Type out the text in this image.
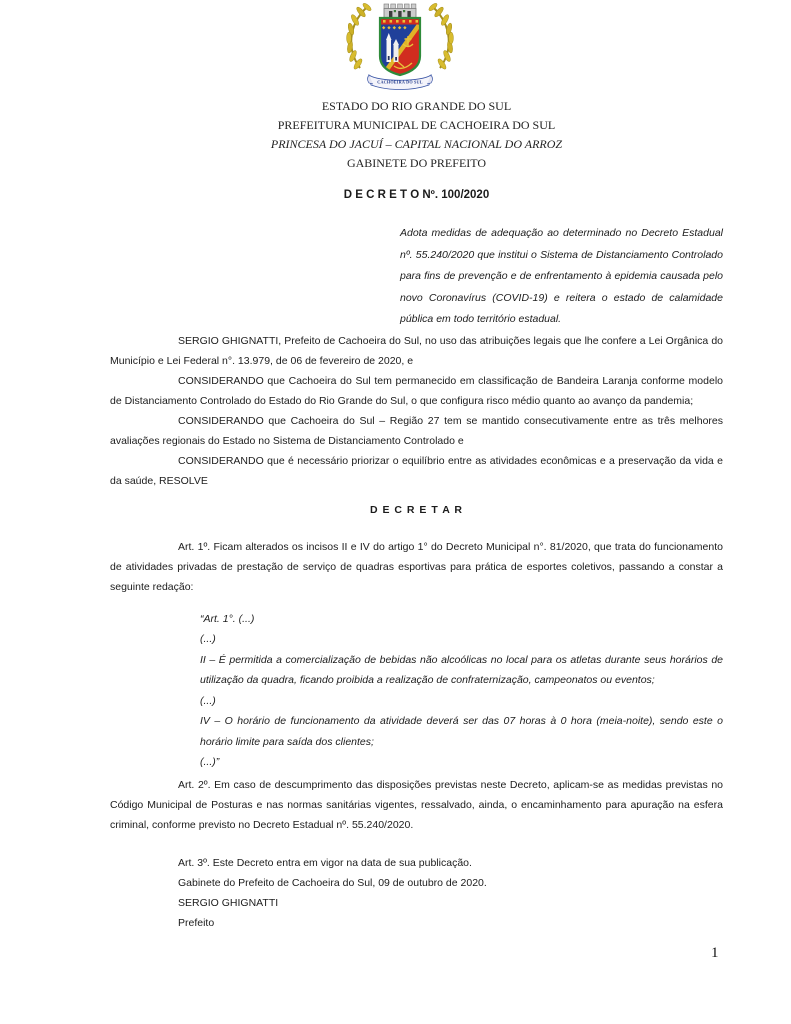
CACHOEIRA DO SUL
ESTADO DO RIO GRANDE DO SUL
PREFEITURA MUNICIPAL DE CACHOEIRA DO SUL
PRINCESA DO JACUÍ – CAPITAL NACIONAL DO ARROZ
GABINETE DO PREFEITO
D E C R E T O Nº. 100/2020
Adota medidas de adequação ao determinado no Decreto Estadual nº. 55.240/2020 que institui o Sistema de Distanciamento Controlado para fins de prevenção e de enfrentamento à epidemia causada pelo novo Coronavírus (COVID-19) e reitera o estado de calamidade pública em todo território estadual.

SERGIO GHIGNATTI, Prefeito de Cachoeira do Sul, no uso das atribuições legais que lhe confere a Lei Orgânica do Município e Lei Federal n°. 13.979, de 06 de fevereiro de 2020, e

CONSIDERANDO que Cachoeira do Sul tem permanecido em classificação de Bandeira Laranja conforme modelo de Distanciamento Controlado do Estado do Rio Grande do Sul, o que configura risco médio quanto ao avanço da pandemia;

CONSIDERANDO que Cachoeira do Sul – Região 27 tem se mantido consecutivamente entre as três melhores avaliações regionais do Estado no Sistema de Distanciamento Controlado e

CONSIDERANDO que é necessário priorizar o equilíbrio entre as atividades econômicas e a preservação da vida e da saúde, RESOLVE

D E C R E T A R

Art. 1º. Ficam alterados os incisos II e IV do artigo 1° do Decreto Municipal n°. 81/2020, que trata do funcionamento de atividades privadas de prestação de serviço de quadras esportivas para prática de esportes coletivos, passando a constar a seguinte redação:

“Art. 1°. (...)

(...)

II – É permitida a comercialização de bebidas não alcoólicas no local para os atletas durante seus horários de utilização da quadra, ficando proibida a realização de confraternização, campeonatos ou eventos;

(...)

IV – O horário de funcionamento da atividade deverá ser das 07 horas à 0 hora (meia-noite), sendo este o horário limite para saída dos clientes;

(...)”

Art. 2º. Em caso de descumprimento das disposições previstas neste Decreto, aplicam-se as medidas previstas no Código Municipal de Posturas e nas normas sanitárias vigentes, ressalvado, ainda, o encaminhamento para apuração na esfera criminal, conforme previsto no Decreto Estadual nº. 55.240/2020.

Art. 3º. Este Decreto entra em vigor na data de sua publicação.

Gabinete do Prefeito de Cachoeira do Sul, 09 de outubro de 2020.

SERGIO GHIGNATTI

Prefeito

1
